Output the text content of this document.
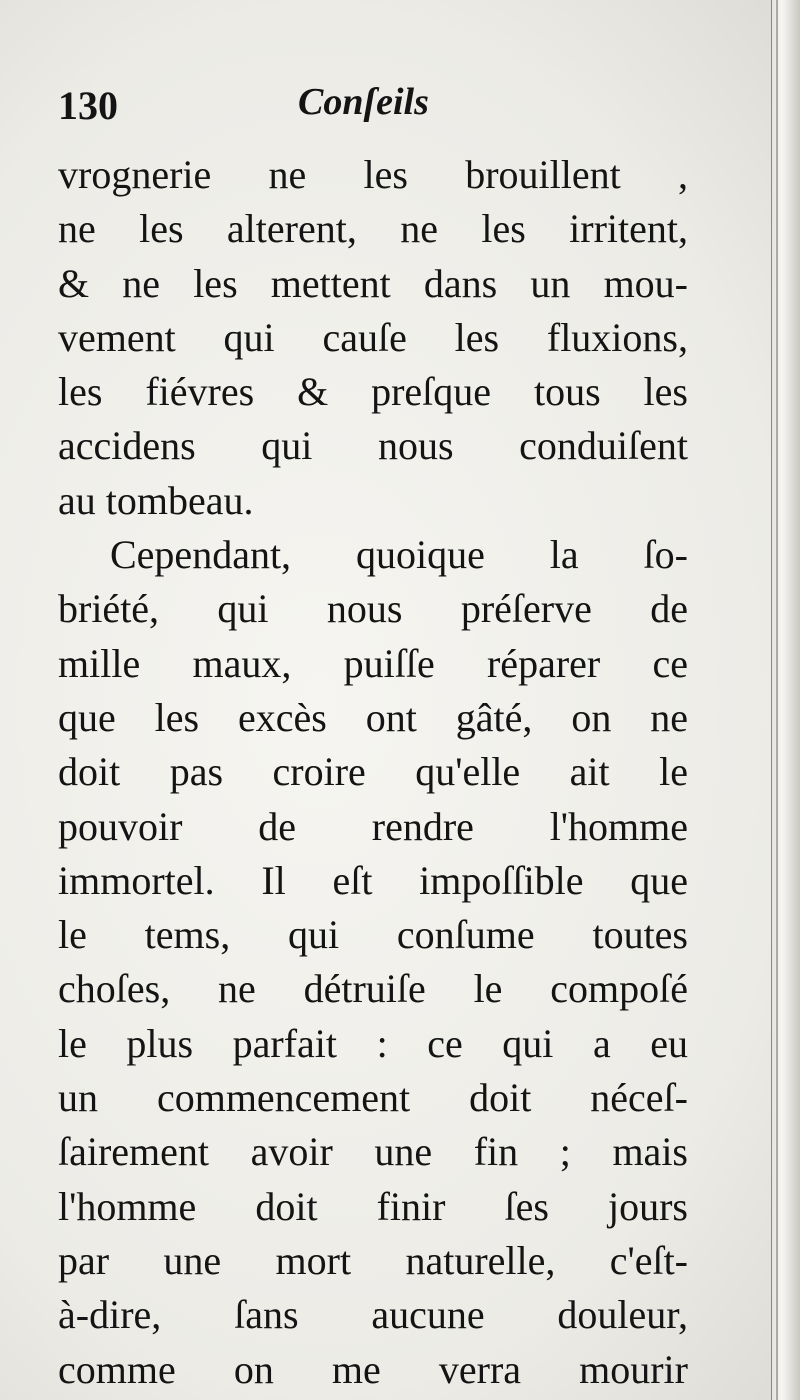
130	Conſeils
vrognerie ne les brouillent ,
ne les alterent, ne les irritent,
& ne les mettent dans un mou-
vement qui cauſe les fluxions,
les fiévres & preſque tous les
accidens qui nous conduiſent
au tombeau.
Cependant, quoique la ſo-
briété, qui nous préſerve de
mille maux, puiſſe réparer ce
que les excès ont gâté, on ne
doit pas croire qu'elle ait le
pouvoir de rendre l'homme
immortel. Il eſt impoſſible que
le tems, qui conſume toutes
choſes, ne détruiſe le compoſé
le plus parfait : ce qui a eu
un commencement doit néceſ-
ſairement avoir une fin ; mais
l'homme doit finir ſes jours
par une mort naturelle, c'eſt-
à-dire, ſans aucune douleur,
comme on me verra mourir
